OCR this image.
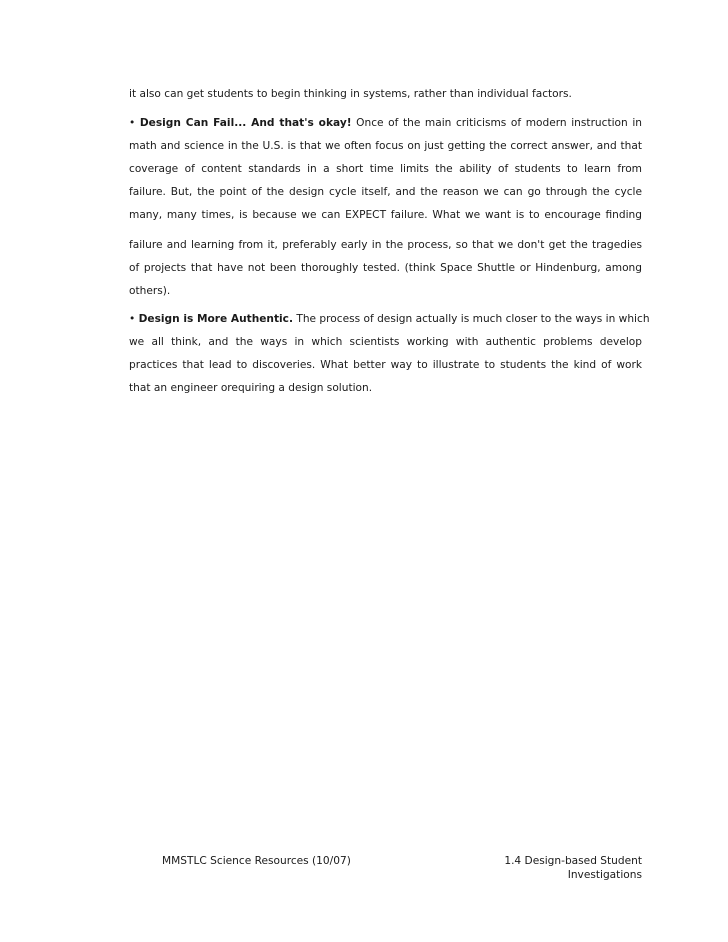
it also can get students to begin thinking in systems, rather than individual factors.
• Design Can Fail... And that's okay! Once of the main criticisms of modern instruction in
math and science in the U.S. is that we often focus on just getting the correct answer, and that
coverage of content standards in a short time limits the ability of students to learn from
failure. But, the point of the design cycle itself, and the reason we can go through the cycle
many, many times, is because we can EXPECT failure. What we want is to encourage finding
failure and learning from it, preferably early in the process, so that we don't get the tragedies
of projects that have not been thoroughly tested. (think Space Shuttle or Hindenburg, among
others).
• Design is More Authentic. The process of design actually is much closer to the ways in which
we all think, and the ways in which scientists working with authentic problems develop
practices that lead to discoveries. What better way to illustrate to students the kind of work
that an engineer orequiring a design solution.
MMSTLC Science Resources (10/07)	1.4 Design-based Student
Investigations
